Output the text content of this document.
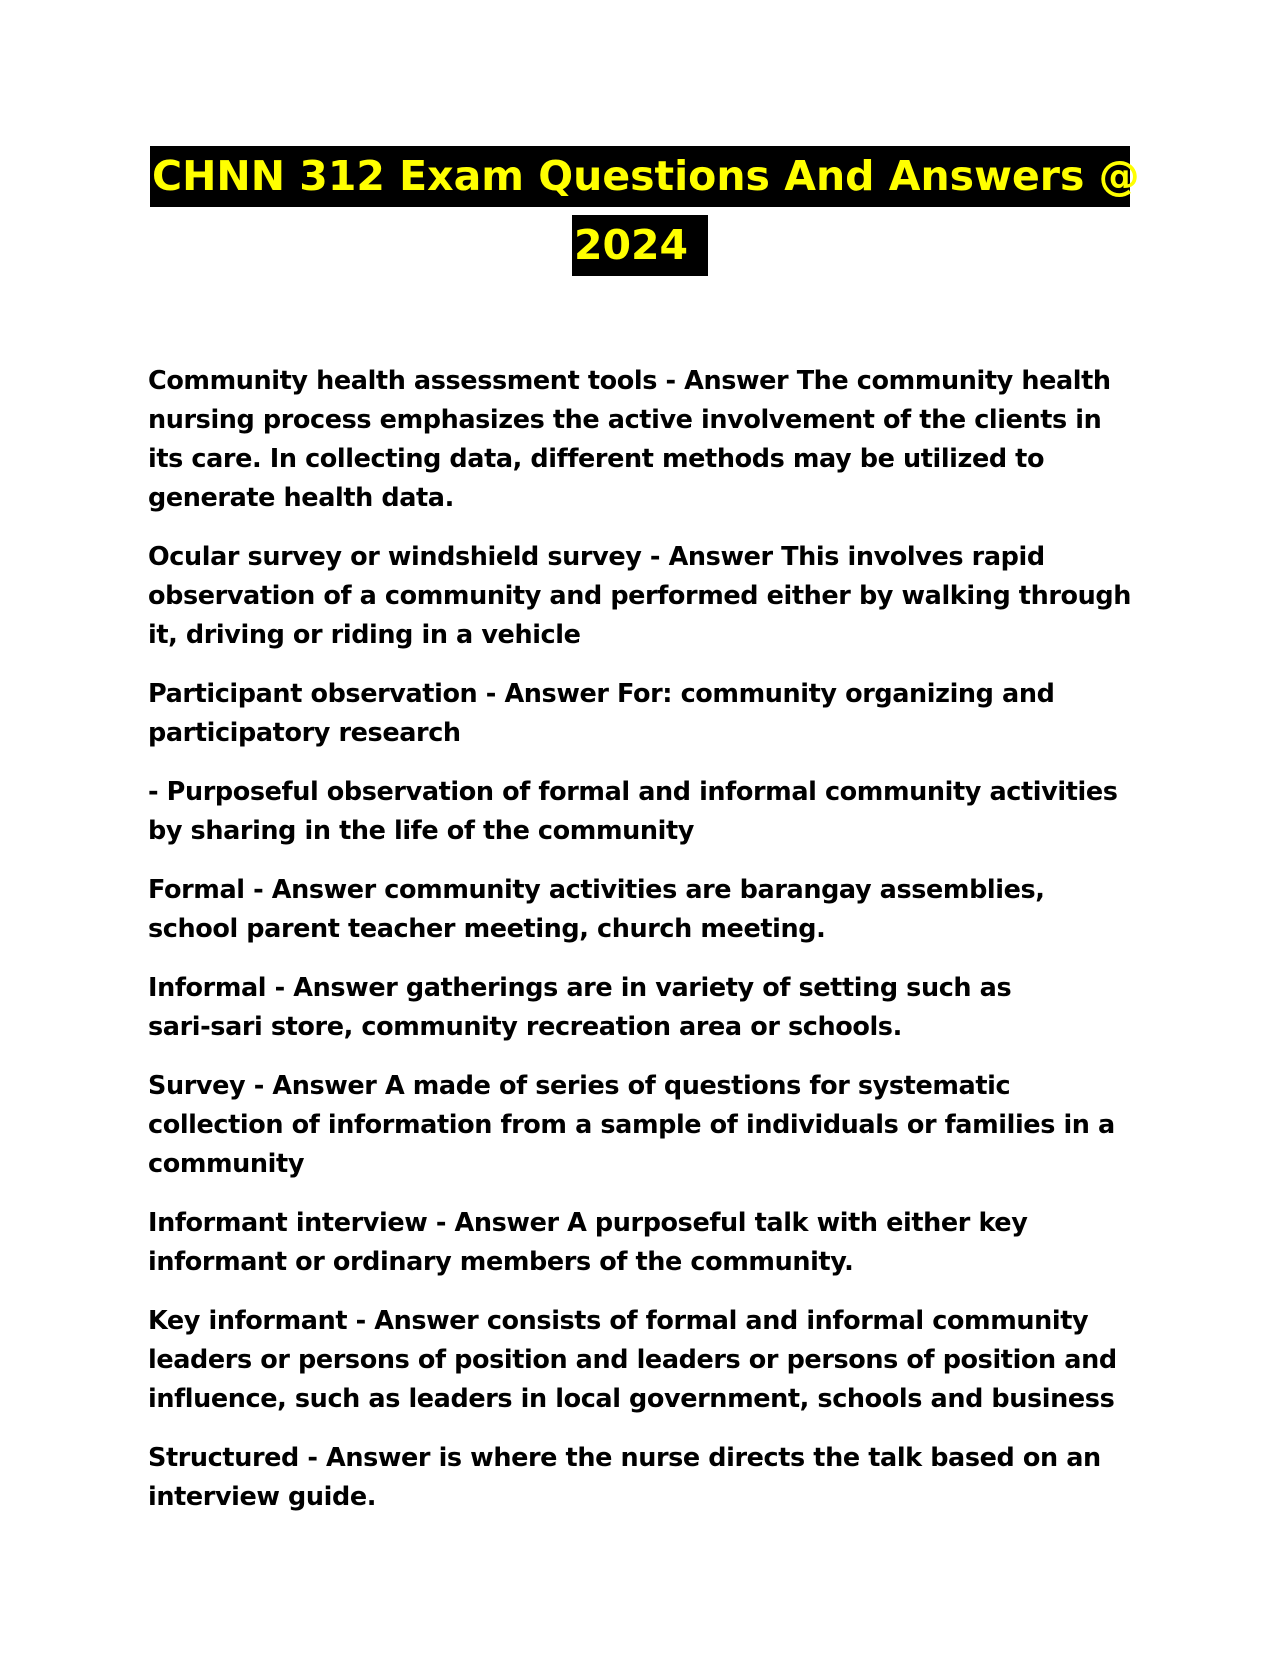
CHNN 312 Exam Questions And Answers @
2024
Community health assessment tools - Answer The community health
nursing process emphasizes the active involvement of the clients in
its care. In collecting data, different methods may be utilized to
generate health data.
Ocular survey or windshield survey - Answer This involves rapid
observation of a community and performed either by walking through
it, driving or riding in a vehicle
Participant observation - Answer For: community organizing and
participatory research
- Purposeful observation of formal and informal community activities
by sharing in the life of the community
Formal - Answer community activities are barangay assemblies,
school parent teacher meeting, church meeting.
Informal - Answer gatherings are in variety of setting such as
sari-sari store, community recreation area or schools.
Survey - Answer A made of series of questions for systematic
collection of information from a sample of individuals or families in a
community
Informant interview - Answer A purposeful talk with either key
informant or ordinary members of the community.
Key informant - Answer consists of formal and informal community
leaders or persons of position and leaders or persons of position and
influence, such as leaders in local government, schools and business
Structured - Answer is where the nurse directs the talk based on an
interview guide.
